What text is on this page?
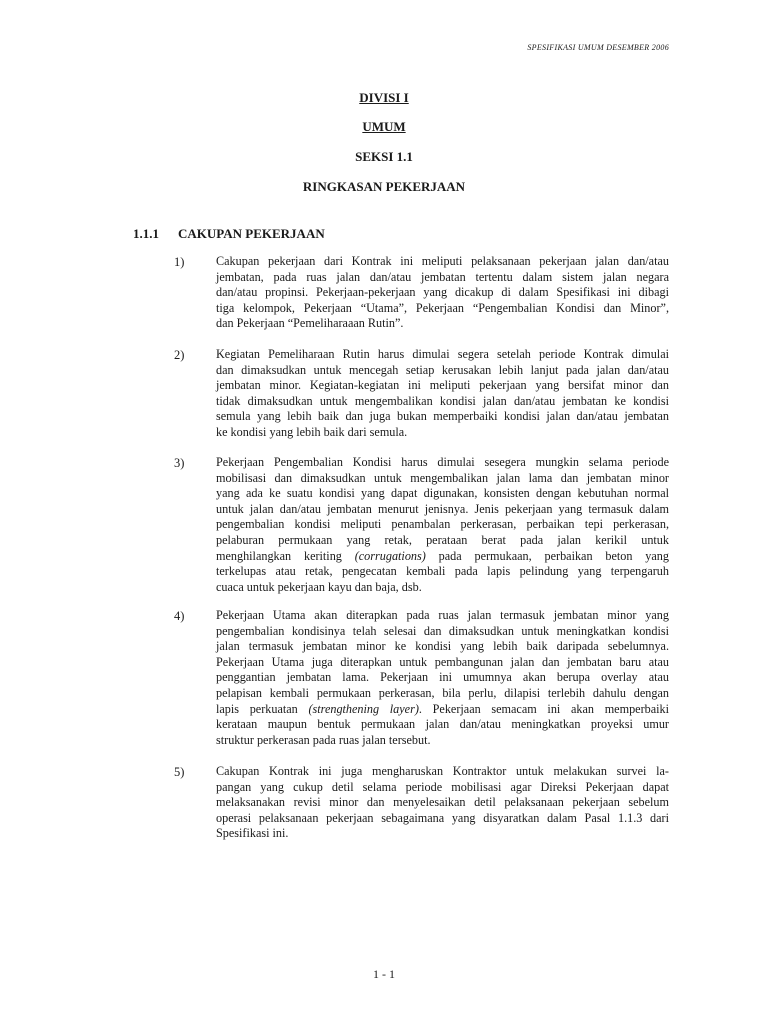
SPESIFIKASI UMUM DESEMBER 2006
DIVISI I
UMUM
SEKSI 1.1
RINGKASAN PEKERJAAN
1.1.1 CAKUPAN PEKERJAAN
1)	Cakupan pekerjaan dari Kontrak ini meliputi pelaksanaan pekerjaan jalan dan/atau
jembatan, pada ruas jalan dan/atau jembatan tertentu dalam sistem jalan negara
dan/atau propinsi. Pekerjaan-pekerjaan yang dicakup di dalam Spesifikasi ini dibagi
tiga kelompok, Pekerjaan “Utama”, Pekerjaan “Pengembalian Kondisi dan Minor”,
dan Pekerjaan “Pemeliharaaan Rutin”.
2)	Kegiatan Pemeliharaan Rutin harus dimulai segera setelah periode Kontrak dimulai
dan dimaksudkan untuk mencegah setiap kerusakan lebih lanjut pada jalan dan/atau
jembatan minor. Kegiatan-kegiatan ini meliputi pekerjaan yang bersifat minor dan
tidak dimaksudkan untuk mengembalikan kondisi jalan dan/atau jembatan ke kondisi
semula yang lebih baik dan juga bukan memperbaiki kondisi jalan dan/atau jembatan
ke kondisi yang lebih baik dari semula.
3)	Pekerjaan Pengembalian Kondisi harus dimulai sesegera mungkin selama periode
mobilisasi dan dimaksudkan untuk mengembalikan jalan lama dan jembatan minor
yang ada ke suatu kondisi yang dapat digunakan, konsisten dengan kebutuhan normal
untuk jalan dan/atau jembatan menurut jenisnya. Jenis pekerjaan yang termasuk dalam
pengembalian kondisi meliputi penambalan perkerasan, perbaikan tepi perkerasan,
pelaburan permukaan yang retak, perataan berat pada jalan kerikil untuk
menghilangkan keriting (corrugations) pada permukaan, perbaikan beton yang
terkelupas atau retak, pengecatan kembali pada lapis pelindung yang terpengaruh
cuaca untuk pekerjaan kayu dan baja, dsb.
4)	Pekerjaan Utama akan diterapkan pada ruas jalan termasuk jembatan minor yang
pengembalian kondisinya telah selesai dan dimaksudkan untuk meningkatkan kondisi
jalan termasuk jembatan minor ke kondisi yang lebih baik daripada sebelumnya.
Pekerjaan Utama juga diterapkan untuk pembangunan jalan dan jembatan baru atau
penggantian jembatan lama. Pekerjaan ini umumnya akan berupa overlay atau
pelapisan kembali permukaan perkerasan, bila perlu, dilapisi terlebih dahulu dengan
lapis perkuatan (strengthening layer). Pekerjaan semacam ini akan memperbaiki
kerataan maupun bentuk permukaan jalan dan/atau meningkatkan proyeksi umur
struktur perkerasan pada ruas jalan tersebut.
5)	Cakupan Kontrak ini juga mengharuskan Kontraktor untuk melakukan survei la-
pangan yang cukup detil selama periode mobilisasi agar Direksi Pekerjaan dapat
melaksanakan revisi minor dan menyelesaikan detil pelaksanaan pekerjaan sebelum
operasi pelaksanaan pekerjaan sebagaimana yang disyaratkan dalam Pasal 1.1.3 dari
Spesifikasi ini.
1 - 1
